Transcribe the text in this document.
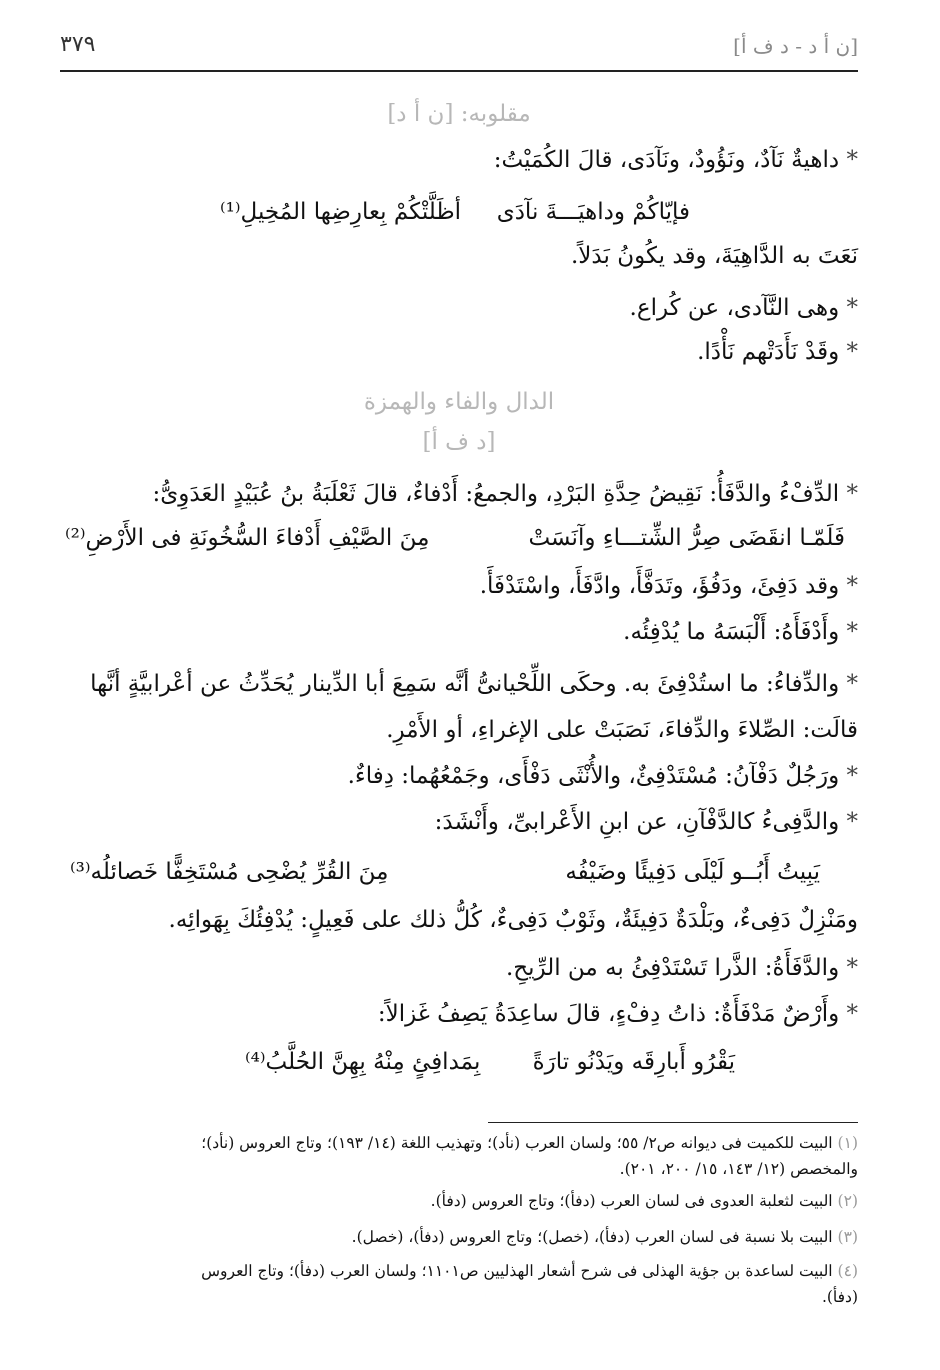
[ن أ د - د ف أ]
٣٧٩
مقلوبه: [ن أ د]
* داهيةٌ نَآدٌ، ونَؤُودٌ، ونَآدَى، قالَ الكُمَيْتُ:
فإيّاكُمْ وداهيَـــةَ نآدَى
أظَلَّتْكُمْ بِعارِضِها المُخِيلِ⁽¹⁾
نَعَتَ به الدَّاهِيَةَ، وقد يكُونُ بَدَلاً.
* وهى النَّآدى، عن كُراع.
* وقَدْ نَأَدَتْهم نَأْدًا.
الدال والفاء والهمزة
[د ف أ]
* الدِّفْءُ والدَّفَأُ: نَقِيضُ حِدَّةِ البَرْدِ، والجمعُ: أَدْفاءٌ، قالَ ثَعْلَبَةُ بنُ عُبَيْدٍ العَدَوِىُّ:
فَلَمّـا انقَضَى صِرُّ الشِّتـــاءِ وآنَسَتْ
مِنَ الصَّيْفِ أَدْفاءَ السُّخُونَةِ فى الأَرْضِ⁽²⁾
* وقد دَفِئَ، ودَفُؤَ، وتَدَفَّأَ، وادَّفَأَ، واسْتَدْفَأَ.
* وأَدْفَأَهُ: أَلْبَسَهُ ما يُدْفِئُه.
* والدِّفاءُ: ما استُدْفِئَ به. وحكَى اللِّحْيانىُّ أنَّه سَمِعَ أبا الدِّينار يُحَدِّثُ عن أعْرابيَّةٍ أنَّها
قالَت: الصِّلاءَ والدِّفاءَ، نَصَبَتْ على الإغراءِ، أو الأَمْرِ.
* ورَجُلٌ دَفْآنُ: مُسْتَدْفِئٌ، والأُنْثَى دَفْأَى، وجَمْعُهُما: دِفاءٌ.
* والدَّفِىءُ كالدَّفْآنِ، عن ابنِ الأَعْرابىِّ، وأَنْشَدَ:
يَبِيتُ أَبُــو لَيْلَى دَفِيئًا وضَيْفُه
مِنَ القُرِّ يُضْحِى مُسْتَخِفًّا خَصائلُه⁽³⁾
ومَنْزِلٌ دَفِىءٌ، وبَلْدَةٌ دَفِيئَةٌ، وثَوْبٌ دَفِىءٌ، كُلُّ ذلك على فَعِيلٍ: يُدْفِئُكَ بِهَوائِه.
* والدَّفَأَةُ: الذَّرا تَسْتَدْفِئُ به من الرِّيحِ.
* وأَرْضٌ مَدْفَأَةٌ: ذاتُ دِفْءٍ، قالَ ساعِدَةُ يَصِفُ غَزالاً:
يَقْرُو أَبارِقَه ويَدْنُو تارَةً
بِمَدافِئٍ مِنْهُ بِهِنَّ الحُلَّبُ⁽⁴⁾
(١) البيت للكميت فى ديوانه ص٢/ ٥٥؛ ولسان العرب (نأد)؛ وتهذيب اللغة (١٤/ ١٩٣)؛ وتاج العروس (نأد)؛
والمخصص (١٢/ ١٤٣، ١٥/ ٢٠٠، ٢٠١).
(٢) البيت لثعلبة العدوى فى لسان العرب (دفأ)؛ وتاج العروس (دفأ).
(٣) البيت بلا نسبة فى لسان العرب (دفأ)، (خصل)؛ وتاج العروس (دفأ)، (خصل).
(٤) البيت لساعدة بن جؤية الهذلى فى شرح أشعار الهذليين ص١١٠١؛ ولسان العرب (دفأ)؛ وتاج العروس
(دفأ).
